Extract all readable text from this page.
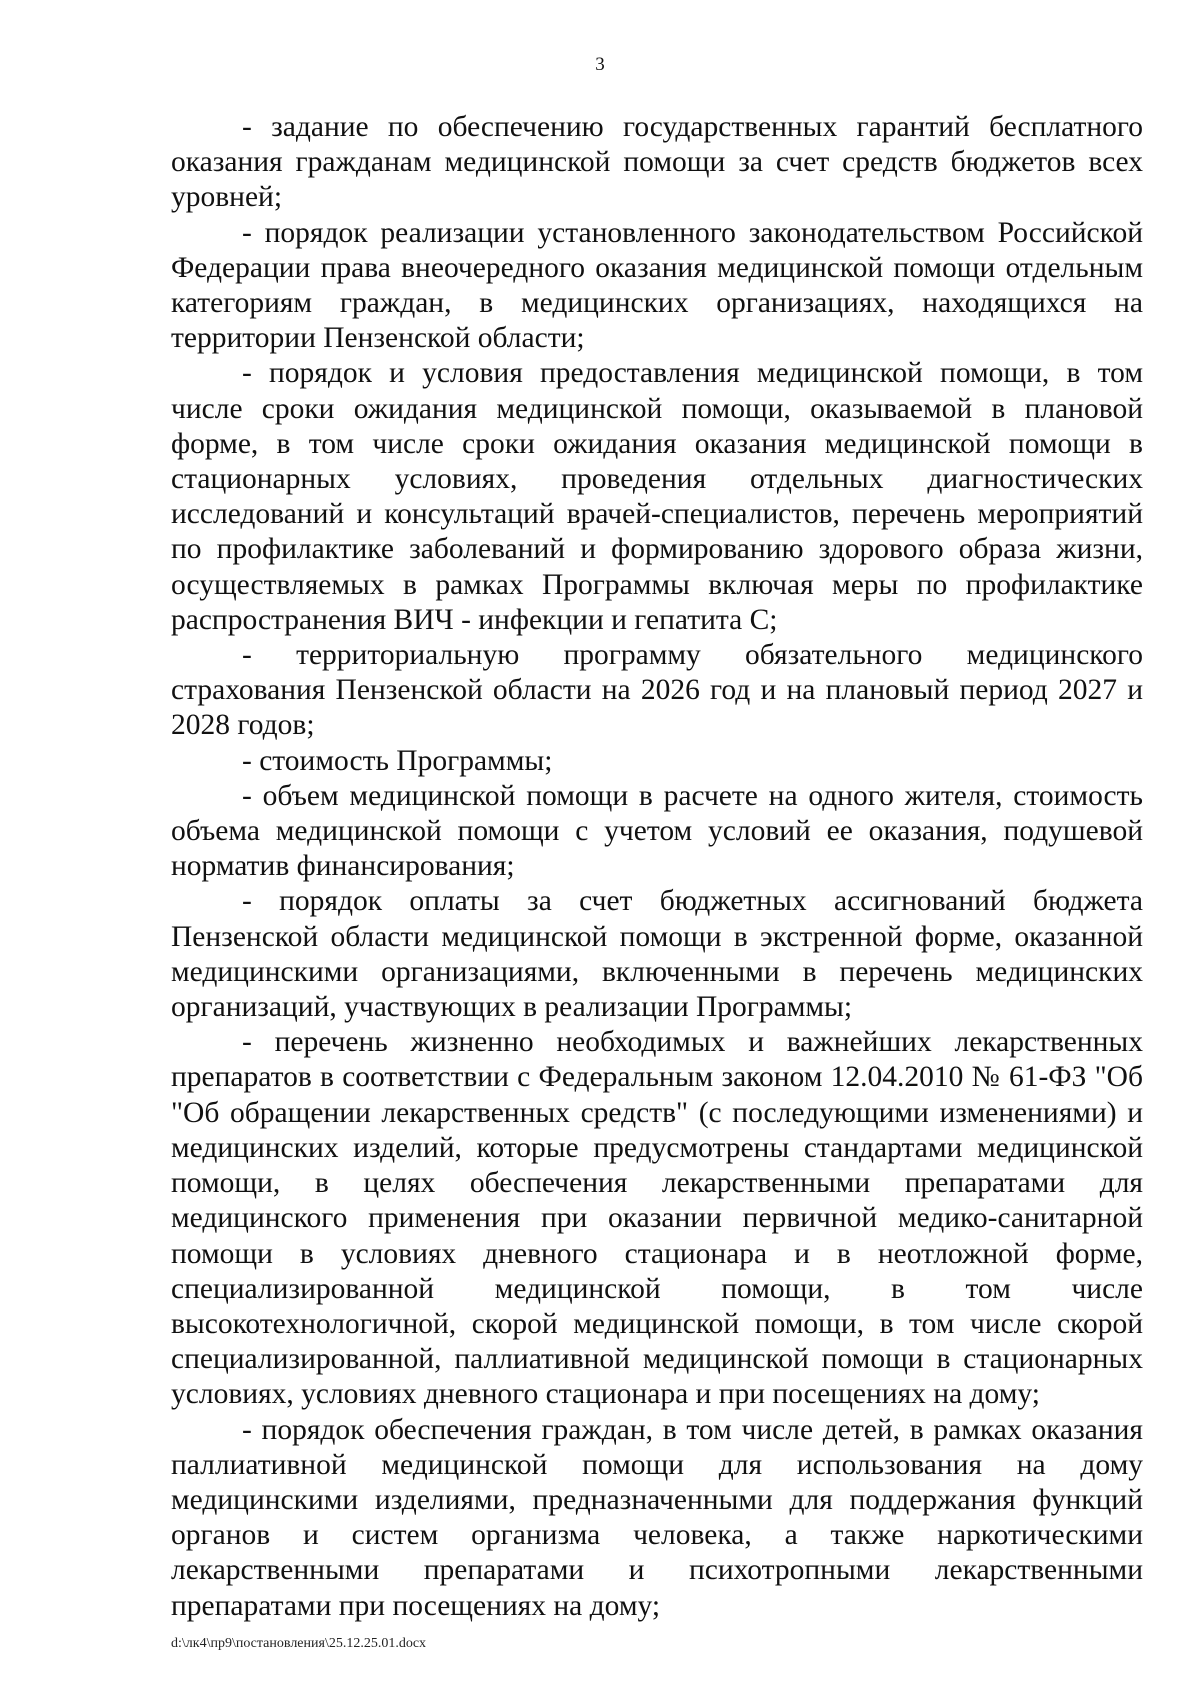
3

- задание по обеспечению государственных гарантий бесплатного оказания гражданам медицинской помощи за счет средств бюджетов всех уровней;

- порядок реализации установленного законодательством Российской Федерации права внеочередного оказания медицинской помощи отдельным категориям граждан, в медицинских организациях, находящихся на территории Пензенской области;

- порядок и условия предоставления медицинской помощи, в том числе сроки ожидания медицинской помощи, оказываемой в плановой форме, в том числе сроки ожидания оказания медицинской помощи в стационарных условиях, проведения отдельных диагностических исследований и консультаций врачей-специалистов, перечень мероприятий по профилактике заболеваний и формированию здорового образа жизни, осуществляемых в рамках Программы включая меры по профилактике распространения ВИЧ - инфекции и гепатита С;

- территориальную программу обязательного медицинского страхования Пензенской области на 2026 год и на плановый период 2027 и 2028 годов;

- стоимость Программы;

- объем медицинской помощи в расчете на одного жителя, стоимость объема медицинской помощи с учетом условий ее оказания, подушевой норматив финансирования;

- порядок оплаты за счет бюджетных ассигнований бюджета Пензенской области медицинской помощи в экстренной форме, оказанной медицинскими организациями, включенными в перечень медицинских организаций, участвующих в реализации Программы;

- перечень жизненно необходимых и важнейших лекарственных препаратов в соответствии с Федеральным законом 12.04.2010 № 61-ФЗ "Об "Об обращении лекарственных средств" (с последующими изменениями) и медицинских изделий, которые предусмотрены стандартами медицинской помощи, в целях обеспечения лекарственными препаратами для медицинского применения при оказании первичной медико-санитарной помощи в условиях дневного стационара и в неотложной форме, специализированной медицинской помощи, в том числе высокотехнологичной, скорой медицинской помощи, в том числе скорой специализированной, паллиативной медицинской помощи в стационарных условиях, условиях дневного стационара и при посещениях на дому;

- порядок обеспечения граждан, в том числе детей, в рамках оказания паллиативной медицинской помощи для использования на дому медицинскими изделиями, предназначенными для поддержания функций органов и систем организма человека, а также наркотическими лекарственными препаратами и психотропными лекарственными препаратами при посещениях на дому;

d:\лк4\пр9\постановления\25.12.25.01.docx
